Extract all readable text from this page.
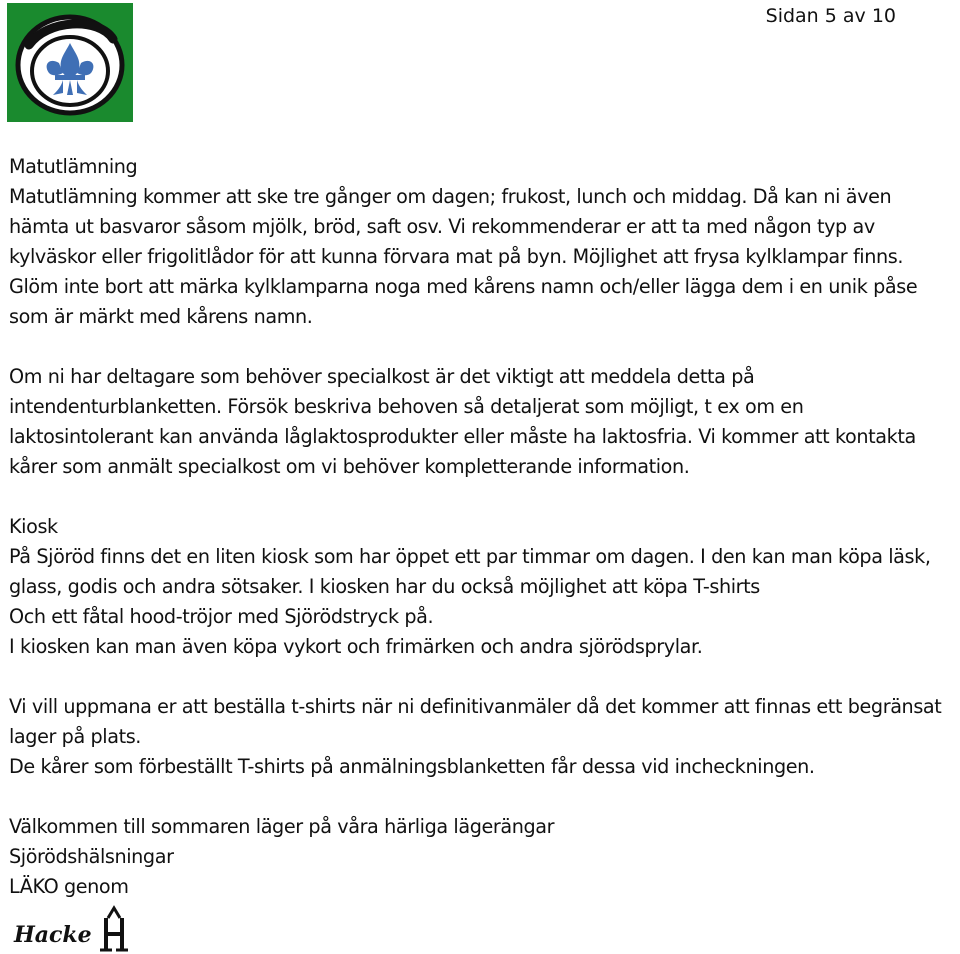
Sidan 5 av 10
Matutlämning
Matutlämning kommer att ske tre gånger om dagen; frukost, lunch och middag. Då kan ni även
hämta ut basvaror såsom mjölk, bröd, saft osv. Vi rekommenderar er att ta med någon typ av
kylväskor eller frigolitlådor för att kunna förvara mat på byn. Möjlighet att frysa kylklampar finns.
Glöm inte bort att märka kylklamparna noga med kårens namn och/eller lägga dem i en unik påse
som är märkt med kårens namn.
Om ni har deltagare som behöver specialkost är det viktigt att meddela detta på
intendenturblanketten. Försök beskriva behoven så detaljerat som möjligt, t ex om en
laktosintolerant kan använda låglaktosprodukter eller måste ha laktosfria. Vi kommer att kontakta
kårer som anmält specialkost om vi behöver kompletterande information.
Kiosk
På Sjöröd finns det en liten kiosk som har öppet ett par timmar om dagen. I den kan man köpa läsk,
glass, godis och andra sötsaker. I kiosken har du också möjlighet att köpa T-shirts
Och ett fåtal hood-tröjor med Sjörödstryck på.
I kiosken kan man även köpa vykort och frimärken och andra sjörödsprylar.
Vi vill uppmana er att beställa t-shirts när ni definitivanmäler då det kommer att finnas ett begränsat
lager på plats.
De kårer som förbeställt T-shirts på anmälningsblanketten får dessa vid incheckningen.
Välkommen till sommaren läger på våra härliga lägerängar
Sjörödshälsningar
LÄKO genom
Hacke
